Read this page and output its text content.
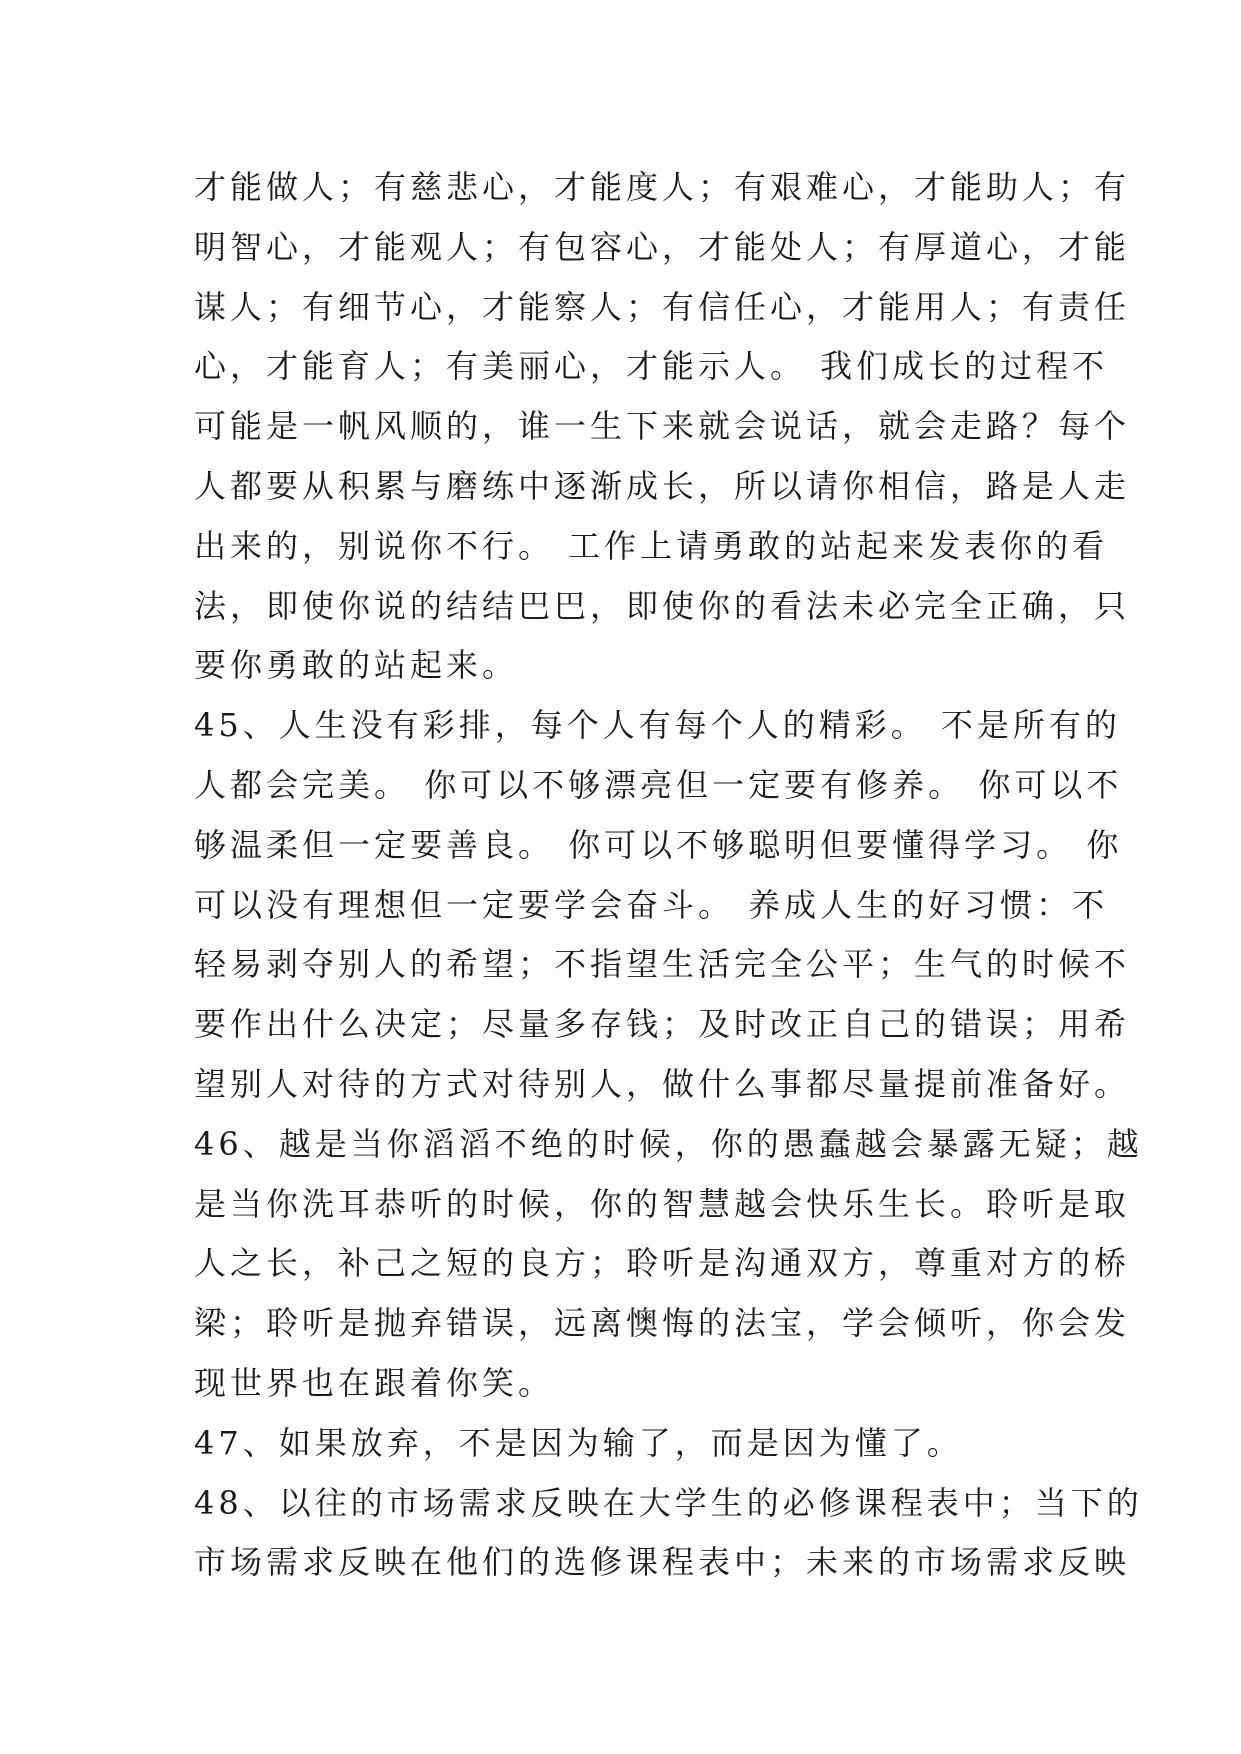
才能做人；有慈悲心，才能度人；有艰难心，才能助人；有
明智心，才能观人；有包容心，才能处人；有厚道心，才能
谋人；有细节心，才能察人；有信任心，才能用人；有责任
心，才能育人；有美丽心，才能示人。 我们成长的过程不
可能是一帆风顺的，谁一生下来就会说话，就会走路？每个
人都要从积累与磨练中逐渐成长，所以请你相信，路是人走
出来的，别说你不行。 工作上请勇敢的站起来发表你的看
法，即使你说的结结巴巴，即使你的看法未必完全正确，只
要你勇敢的站起来。
45、人生没有彩排，每个人有每个人的精彩。 不是所有的
人都会完美。 你可以不够漂亮但一定要有修养。 你可以不
够温柔但一定要善良。 你可以不够聪明但要懂得学习。 你
可以没有理想但一定要学会奋斗。 养成人生的好习惯：不
轻易剥夺别人的希望；不指望生活完全公平；生气的时候不
要作出什么决定；尽量多存钱；及时改正自己的错误；用希
望别人对待的方式对待别人，做什么事都尽量提前准备好。
46、越是当你滔滔不绝的时候，你的愚蠢越会暴露无疑；越
是当你洗耳恭听的时候，你的智慧越会快乐生长。聆听是取
人之长，补己之短的良方；聆听是沟通双方，尊重对方的桥
梁；聆听是抛弃错误，远离懊悔的法宝，学会倾听，你会发
现世界也在跟着你笑。
47、如果放弃，不是因为输了，而是因为懂了。
48、以往的市场需求反映在大学生的必修课程表中；当下的
市场需求反映在他们的选修课程表中；未来的市场需求反映
